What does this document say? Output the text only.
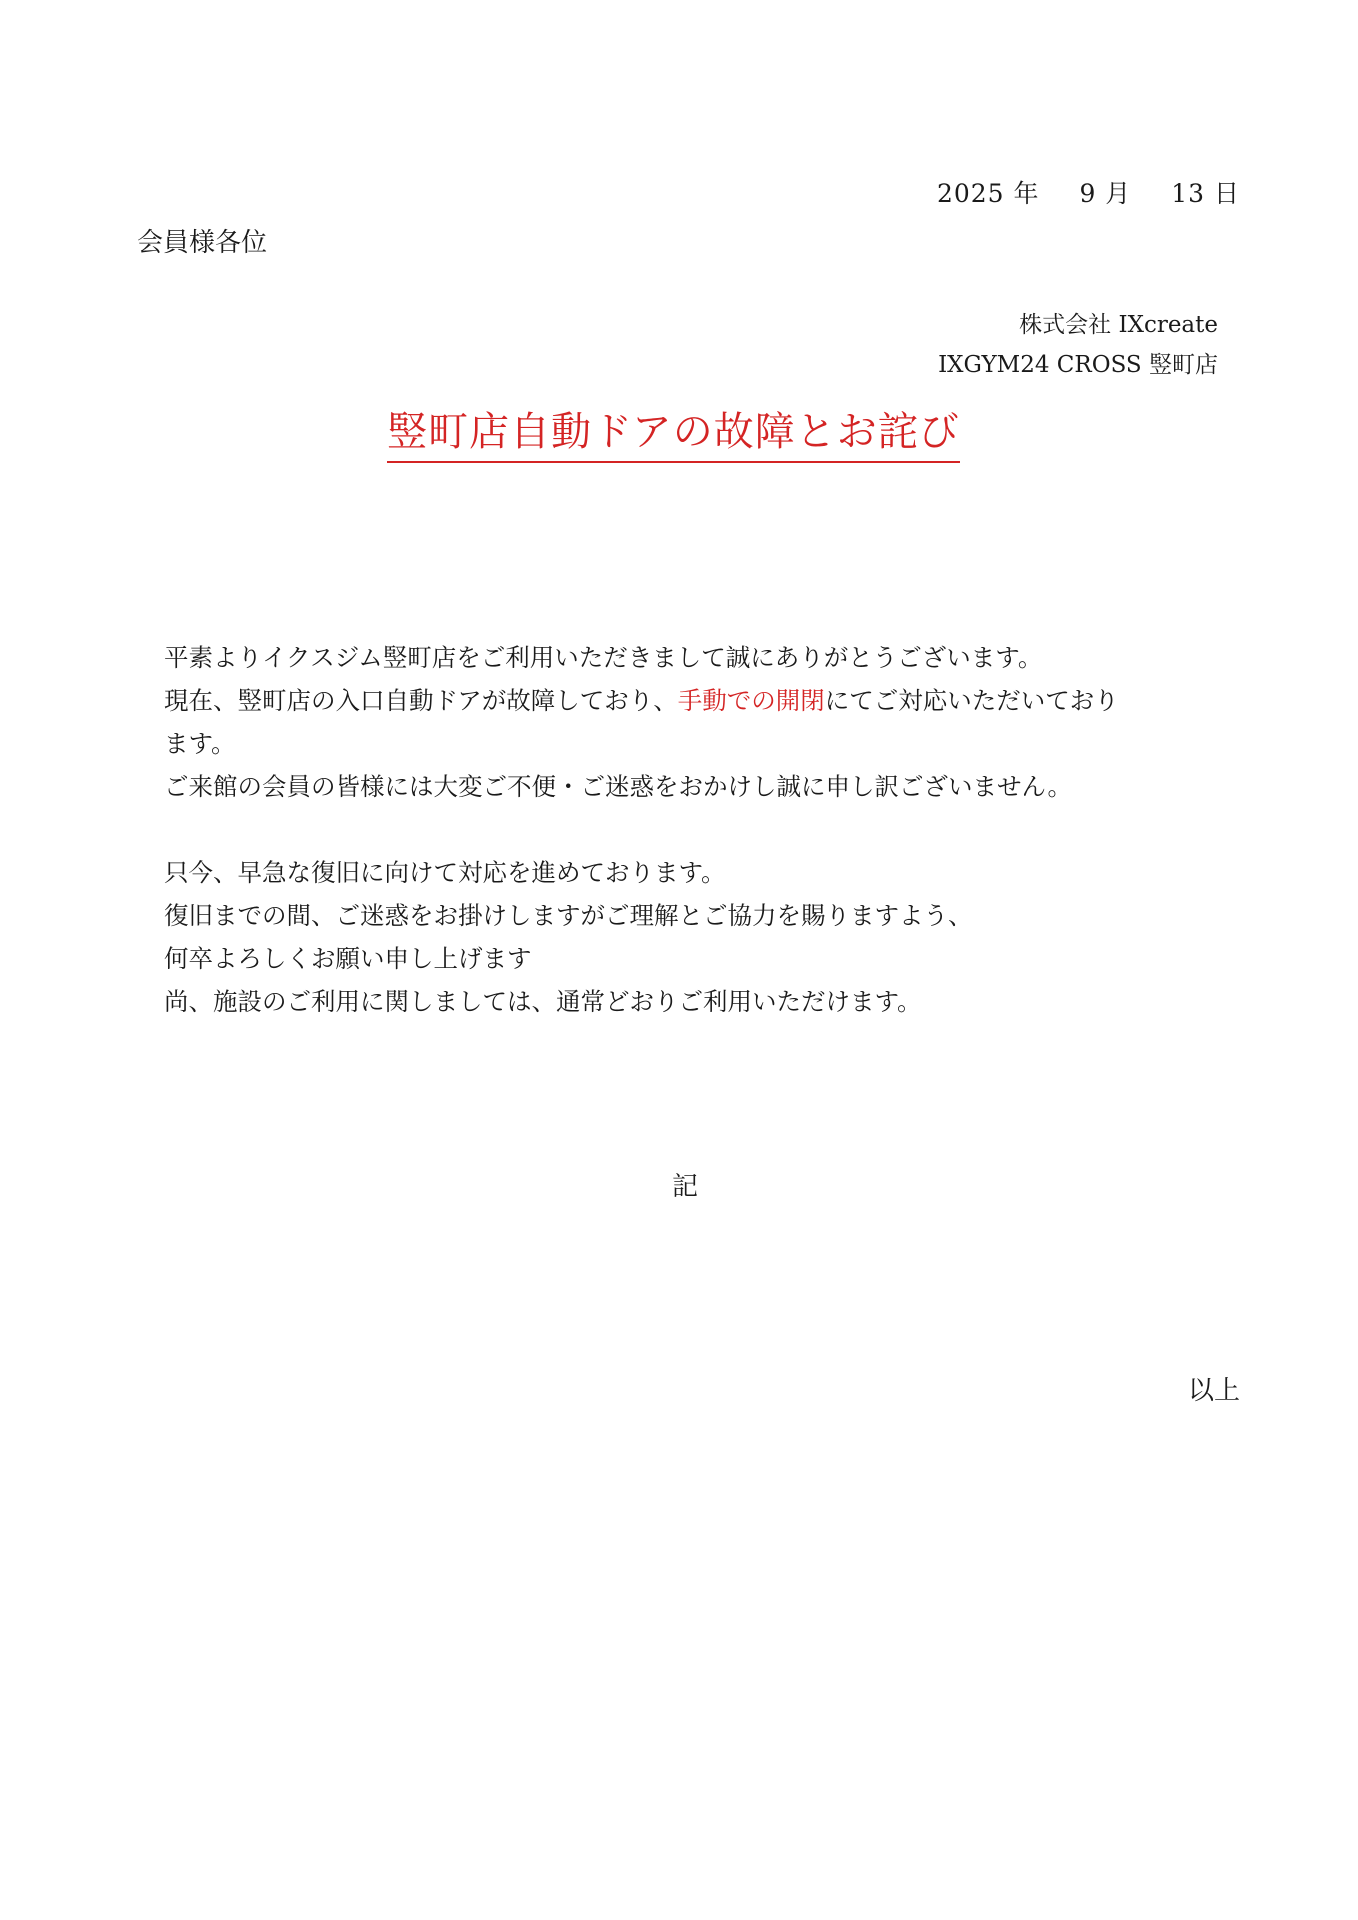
2025 年 9 月 13 日
会員様各位
株式会社 IXcreate
IXGYM24 CROSS 竪町店
竪町店自動ドアの故障とお詫び
平素よりイクスジム竪町店をご利用いただきまして誠にありがとうございます。
現在、竪町店の入口自動ドアが故障しており、手動での開閉にてご対応いただいており
ます。
ご来館の会員の皆様には大変ご不便・ご迷惑をおかけし誠に申し訳ございません。
只今、早急な復旧に向けて対応を進めております。
復旧までの間、ご迷惑をお掛けしますがご理解とご協力を賜りますよう、
何卒よろしくお願い申し上げます
尚、施設のご利用に関しましては、通常どおりご利用いただけます。
記
以上
